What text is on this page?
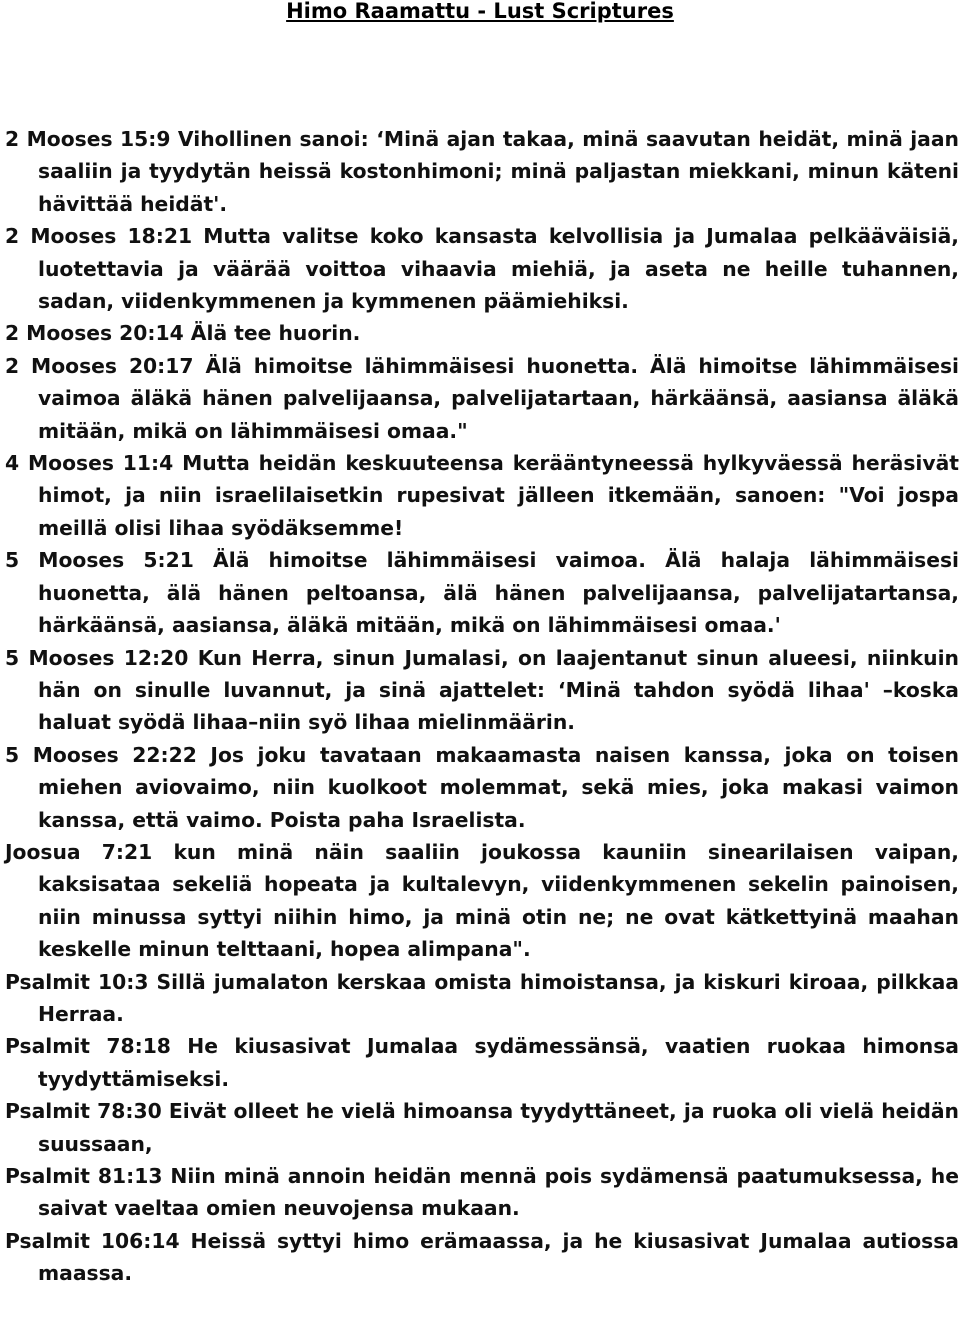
Himo Raamattu - Lust Scriptures

2 Mooses 15:9 Vihollinen sanoi: ‘Minä ajan takaa, minä saavutan heidät, minä jaan saaliin ja tyydytän heissä kostonhimoni; minä paljastan miekkani, minun käteni hävittää heidät'.

2 Mooses 18:21 Mutta valitse koko kansasta kelvollisia ja Jumalaa pelkääväisiä, luotettavia ja väärää voittoa vihaavia miehiä, ja aseta ne heille tuhannen, sadan, viidenkymmenen ja kymmenen päämiehiksi.

2 Mooses 20:14 Älä tee huorin.

2 Mooses 20:17 Älä himoitse lähimmäisesi huonetta. Älä himoitse lähimmäisesi vaimoa äläkä hänen palvelijaansa, palvelijatartaan, härkäänsä, aasiansa äläkä mitään, mikä on lähimmäisesi omaa."

4 Mooses 11:4 Mutta heidän keskuuteensa kerääntyneessä hylkyväessä heräsivät himot, ja niin israelilaisetkin rupesivat jälleen itkemään, sanoen: "Voi jospa meillä olisi lihaa syödäksemme!

5 Mooses 5:21 Älä himoitse lähimmäisesi vaimoa. Älä halaja lähimmäisesi huonetta, älä hänen peltoansa, älä hänen palvelijaansa, palvelijatartansa, härkäänsä, aasiansa, äläkä mitään, mikä on lähimmäisesi omaa.'

5 Mooses 12:20 Kun Herra, sinun Jumalasi, on laajentanut sinun alueesi, niinkuin hän on sinulle luvannut, ja sinä ajattelet: ‘Minä tahdon syödä lihaa' –koska haluat syödä lihaa–niin syö lihaa mielinmäärin.

5 Mooses 22:22 Jos joku tavataan makaamasta naisen kanssa, joka on toisen miehen aviovaimo, niin kuolkoot molemmat, sekä mies, joka makasi vaimon kanssa, että vaimo. Poista paha Israelista.

Joosua 7:21 kun minä näin saaliin joukossa kauniin sinearilaisen vaipan, kaksisataa sekeliä hopeata ja kultalevyn, viidenkymmenen sekelin painoisen, niin minussa syttyi niihin himo, ja minä otin ne; ne ovat kätkettyinä maahan keskelle minun telttaani, hopea alimpana".

Psalmit 10:3 Sillä jumalaton kerskaa omista himoistansa, ja kiskuri kiroaa, pilkkaa Herraa.

Psalmit 78:18 He kiusasivat Jumalaa sydämessänsä, vaatien ruokaa himonsa tyydyttämiseksi.

Psalmit 78:30 Eivät olleet he vielä himoansa tyydyttäneet, ja ruoka oli vielä heidän suussaan,

Psalmit 81:13 Niin minä annoin heidän mennä pois sydämensä paatumuksessa, he saivat vaeltaa omien neuvojensa mukaan.

Psalmit 106:14 Heissä syttyi himo erämaassa, ja he kiusasivat Jumalaa autiossa maassa.
